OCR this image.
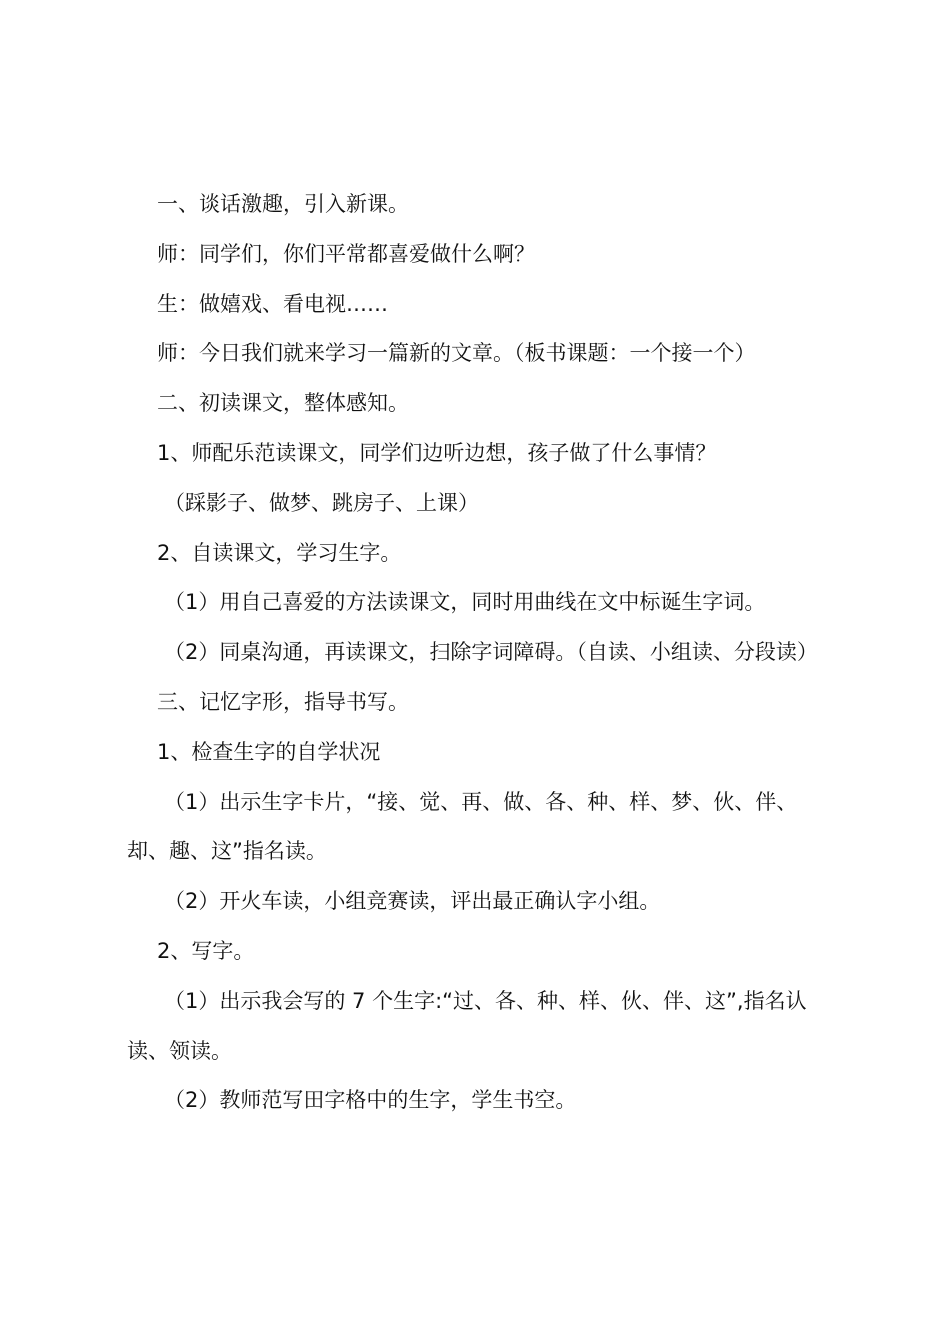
一、谈话激趣，引入新课。

师：同学们，你们平常都喜爱做什么啊？

生：做嬉戏、看电视……

师：今日我们就来学习一篇新的文章。（板书课题：一个接一个）

二、初读课文，整体感知。

1、师配乐范读课文，同学们边听边想，孩子做了什么事情？

（踩影子、做梦、跳房子、上课）

2、自读课文，学习生字。

（1）用自己喜爱的方法读课文，同时用曲线在文中标诞生字词。

（2）同桌沟通，再读课文，扫除字词障碍。（自读、小组读、分段读）

三、记忆字形，指导书写。

1、检查生字的自学状况

（1）出示生字卡片，“接、觉、再、做、各、种、样、梦、伙、伴、却、趣、这”指名读。

（2）开火车读，小组竞赛读，评出最正确认字小组。

2、写字。

（1）出示我会写的 7 个生字:“过、各、种、样、伙、伴、这”,指名认读、领读。

（2）教师范写田字格中的生字，学生书空。
